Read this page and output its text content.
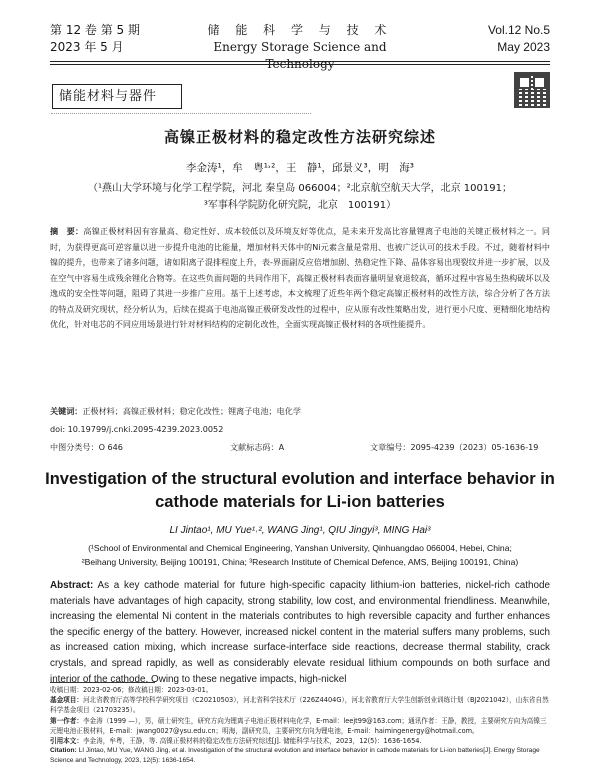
第 12 卷 第 5 期
2023 年 5 月
储 能 科 学 与 技 术
Energy Storage Science and Technology
Vol.12 No.5
May 2023
储能材料与器件
高镍正极材料的稳定改性方法研究综述
李金涛¹，牟　粤¹˒²，王　静¹，邱景义³，明　海³
（¹燕山大学环境与化学工程学院，河北 秦皇岛 066004；²北京航空航天大学，北京 100191；
³军事科学院防化研究院，北京　100191）
摘　要：高镍正极材料因有容量高、稳定性好、成本较低以及环境友好等优点，是未来开发高比容量锂离子电池的关键正极材料之一。同时，为获得更高可逆容量以进一步提升电池的比能量，增加材料天体中的Ni元素含量是常用、也被广泛认可的技术手段。不过，随着材料中镍的提升，也带来了诸多问题，诸如阳离子混排程度上升，表-界面副反应倍增加剧、热稳定性下降、晶体容易出现裂纹并进一步扩展，以及在空气中容易生成残余锂化合物等。在这些负面问题的共同作用下，高镍正极材料表面容量明显衰退较高，循环过程中容易生热构破坏以及逸成的安全性等问题，阻碍了其进一步推广应用。基于上述考虑，本文梳理了近些年两个稳定高镍正极材料的改性方法，综合分析了各方法的特点及研究现状，经分析认为，后续在提高于电池高镍正极研发改性的过程中，应从原有改性策略出发，进行更小尺度、更精细化地结构优化，针对电芯的不同应用场景进行针对材料结构的定制化改性，全面实现高镍正极材料的各项性能提升。
关键词：正极材料；高镍正极材料；稳定化改性；锂离子电池；电化学
doi: 10.19799/j.cnki.2095-4239.2023.0052
中图分类号：O 646	文献标志码：A	文章编号：2095-4239（2023）05-1636-19
Investigation of the structural evolution and interface behavior in cathode materials for Li-ion batteries
LI Jintao¹, MU Yue¹˒², WANG Jing¹, QIU Jingyi³, MING Hai³
(¹School of Environmental and Chemical Engineering, Yanshan University, Qinhuangdao 066004, Hebei, China;
²Beihang University, Beijing 100191, China; ³Research Institute of Chemical Defence, AMS, Beijing 100191, China)
Abstract: As a key cathode material for future high-specific capacity lithium-ion batteries, nickel-rich cathode materials have advantages of high capacity, strong stability, low cost, and environmental friendliness. Meanwhile, increasing the elemental Ni content in the materials contributes to high reversible capacity and further enhances the specific energy of the battery. However, increased nickel content in the material suffers many problems, such as increased cation mixing, which increase surface-interface side reactions, decrease thermal stability, crack crystals, and spread rapidly, as well as considerably elevate residual lithium compounds on both surface and interior of the cathode. Owing to these negative impacts, high-nickel
收稿日期：2023-02-06；修改稿日期：2023-03-01。
基金项目：河北省教育厅高等学校科学研究项目（C20210503），河北省科学技术厅（226Z4404G），河北省教育厅大学生创新创业训练计划（BJ2021042），山东省自然科学基金项目（21703235）。
第一作者：李金涛（1999 —），男，硕士研究生，研究方向为锂离子电池正极材料电化学，E-mail：leejt99@163.com；通讯作者：王静，教授，主要研究方向为高镍三元锂电池正极材料，E-mail：jwang0027@ysu.edu.cn；明海，副研究员，主要研究方向为锂电池，E-mail：haimingenergy@hotmail.com。
引用本文：李金涛，牟粤，王静，等. 高镍正极材料的稳定改性方法研究综述[J]. 储能科学与技术，2023，12(5)：1636-1654.
Citation: LI Jintao, MU Yue, WANG Jing, et al. Investigation of the structural evolution and interface behavior in cathode materials for Li-ion batteries[J]. Energy Storage Science and Technology, 2023, 12(5): 1636-1654.
